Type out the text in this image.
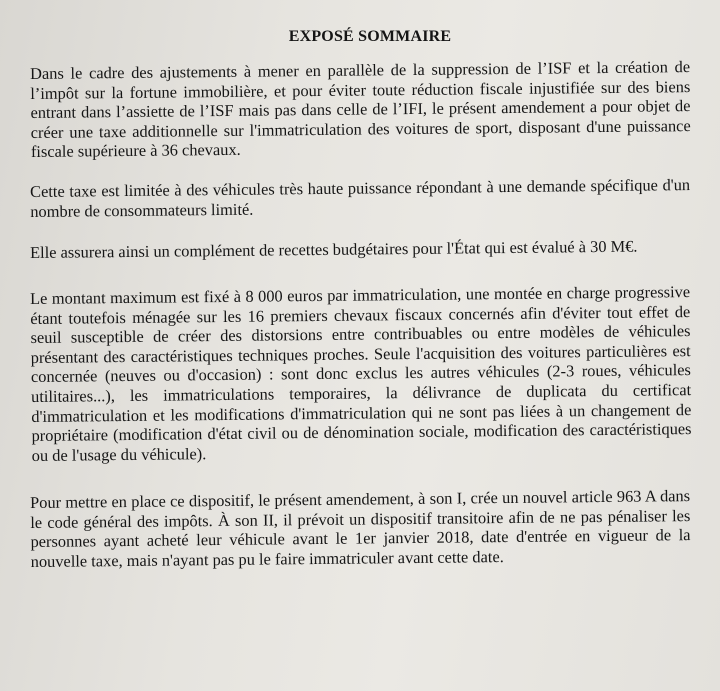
EXPOSÉ SOMMAIRE

Dans le cadre des ajustements à mener en parallèle de la suppression de l’ISF et la création de l’impôt sur la fortune immobilière, et pour éviter toute réduction fiscale injustifiée sur des biens entrant dans l’assiette de l’ISF mais pas dans celle de l’IFI, le présent amendement a pour objet de créer une taxe additionnelle sur l'immatriculation des voitures de sport, disposant d'une puissance fiscale supérieure à 36 chevaux.

Cette taxe est limitée à des véhicules très haute puissance répondant à une demande spécifique d'un nombre de consommateurs limité.

Elle assurera ainsi un complément de recettes budgétaires pour l'État qui est évalué à 30 M€.

Le montant maximum est fixé à 8 000 euros par immatriculation, une montée en charge progressive étant toutefois ménagée sur les 16 premiers chevaux fiscaux concernés afin d'éviter tout effet de seuil susceptible de créer des distorsions entre contribuables ou entre modèles de véhicules présentant des caractéristiques techniques proches. Seule l'acquisition des voitures particulières est concernée (neuves ou d'occasion) : sont donc exclus les autres véhicules (2-3 roues, véhicules utilitaires...), les immatriculations temporaires, la délivrance de duplicata du certificat d'immatriculation et les modifications d'immatriculation qui ne sont pas liées à un changement de propriétaire (modification d'état civil ou de dénomination sociale, modification des caractéristiques ou de l'usage du véhicule).

Pour mettre en place ce dispositif, le présent amendement, à son I, crée un nouvel article 963 A dans le code général des impôts. À son II, il prévoit un dispositif transitoire afin de ne pas pénaliser les personnes ayant acheté leur véhicule avant le 1er janvier 2018, date d'entrée en vigueur de la nouvelle taxe, mais n'ayant pas pu le faire immatriculer avant cette date.
